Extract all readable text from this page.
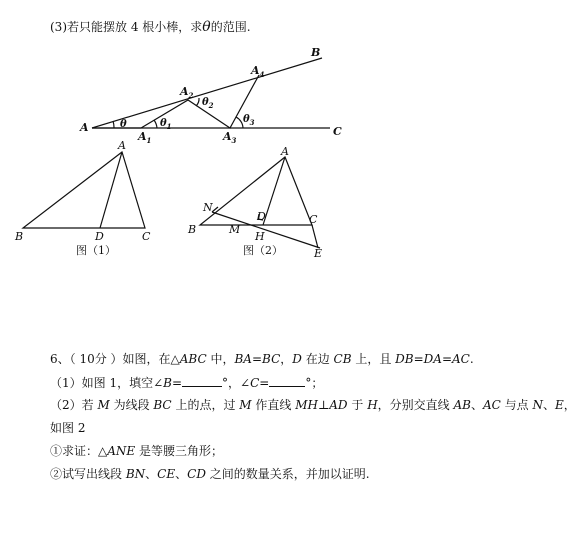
(3)若只能摆放 4 根小棒，求θ的范围.
A
B
C
$A_1$
$A_2$
$A_3$
$A_4$
θ	$\theta_1$
$\theta_2$
$\theta_3$
A
B	D	C
图（1）
A
N
D	C
B	M
H
E
图（2）
6、（ 10分 ）如图，在△ABC 中，BA=BC，D 在边 CB 上，且 DB=DA=AC.
（1）如图 1，填空∠B=	°，∠C=	°；
（2）若 M 为线段 BC 上的点，过 M 作直线 MH⊥AD 于 H，分别交直线 AB、AC 与点 N、E，
如图 2
①求证：△ANE 是等腰三角形；
②试写出线段 BN、CE、CD 之间的数量关系，并加以证明.
